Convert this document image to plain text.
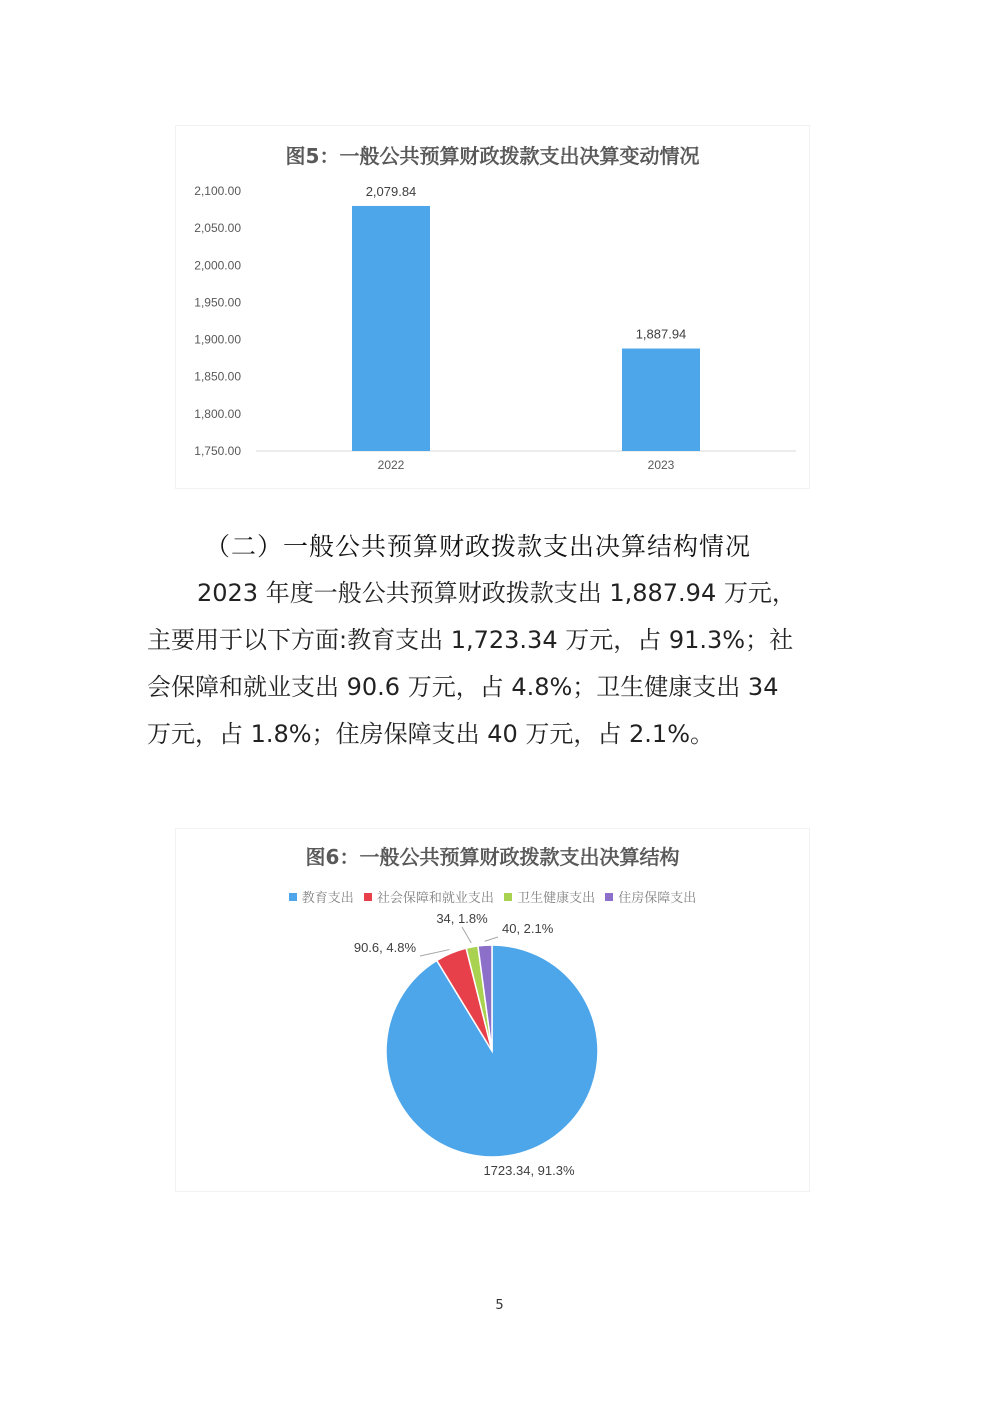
图5：一般公共预算财政拨款支出决算变动情况
2,100.00
2,050.00
2,000.00
1,950.00
1,900.00
1,850.00
1,800.00
1,750.00
2,079.84
2022
1,887.94
2023
（二）一般公共预算财政拨款支出决算结构情况
2023 年度一般公共预算财政拨款支出 1,887.94 万元，
主要用于以下方面:教育支出 1,723.34 万元，占 91.3%；社
会保障和就业支出 90.6 万元，占 4.8%；卫生健康支出 34
万元，占 1.8%；住房保障支出 40 万元，占 2.1%。
图6：一般公共预算财政拨款支出决算结构
教育支出
社会保障和就业支出
卫生健康支出
住房保障支出
1723.34, 91.3%
90.6, 4.8%
34, 1.8%
40, 2.1%
5
